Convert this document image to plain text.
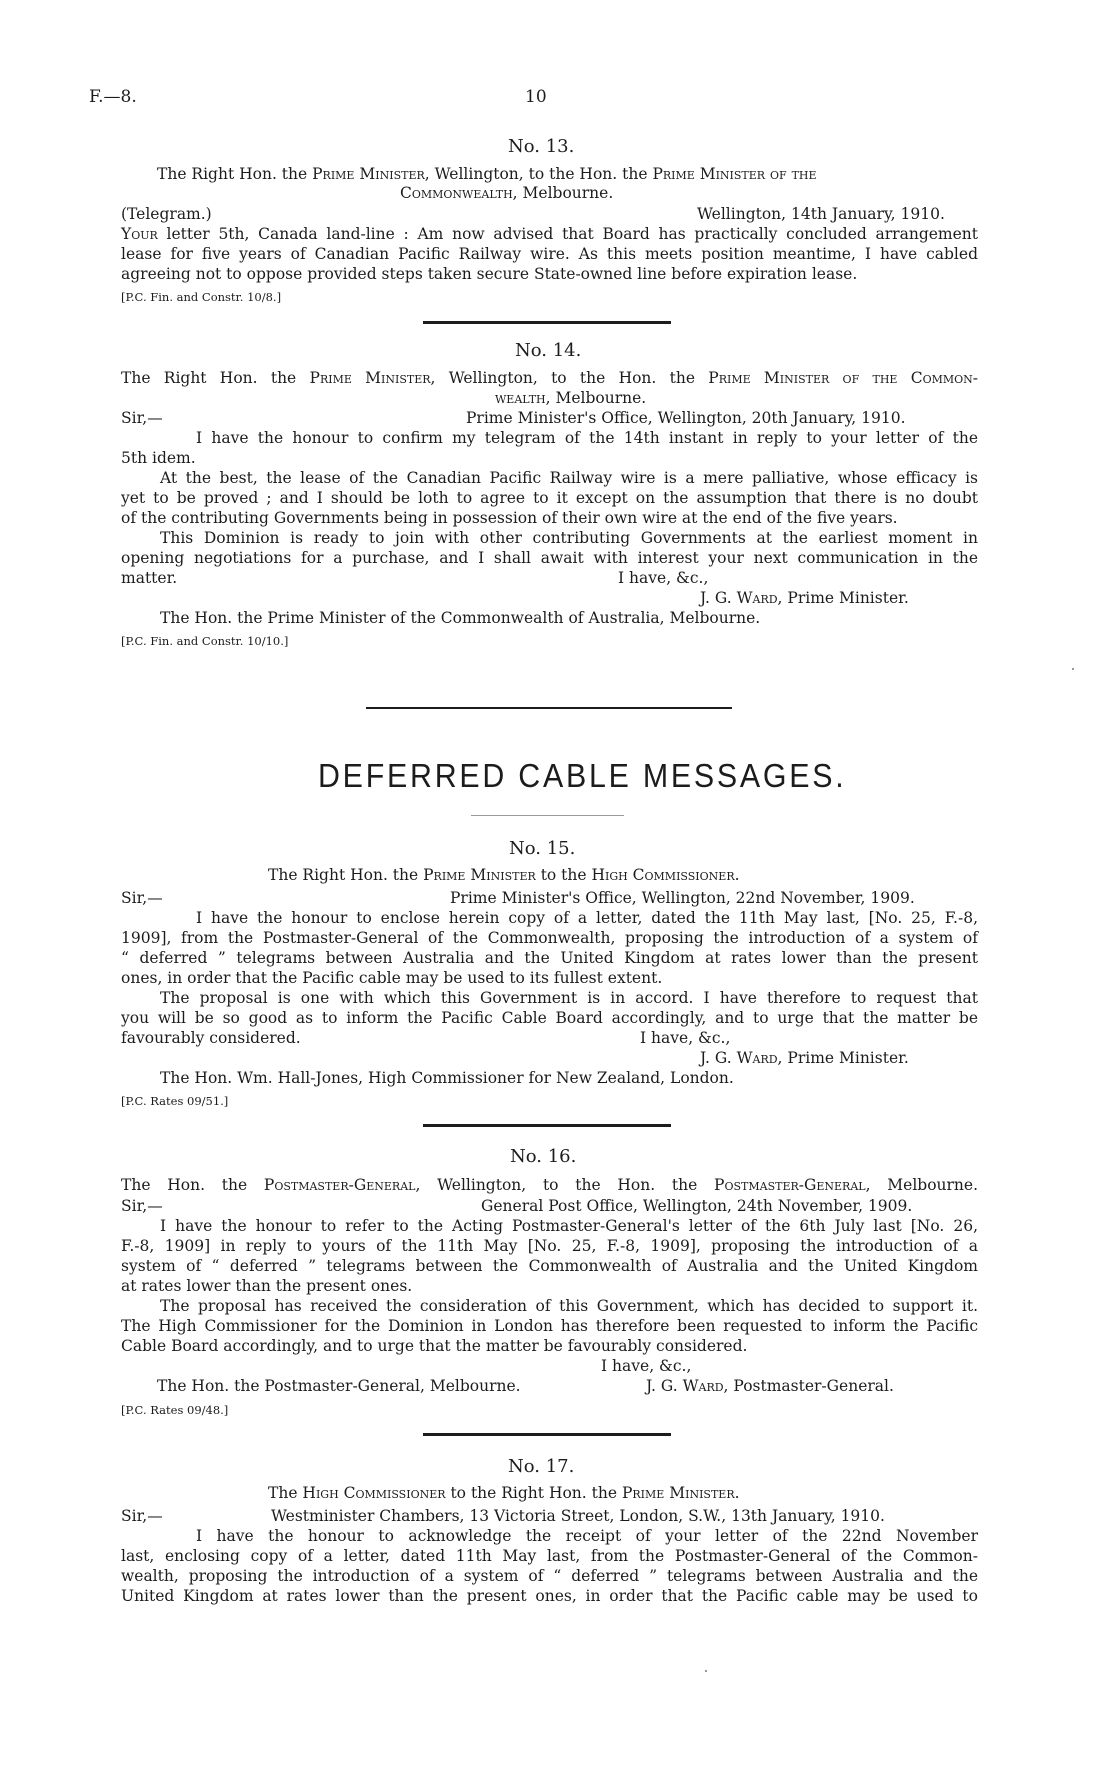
F.—8.	10
No. 13.
The Right Hon. the Prime Minister, Wellington, to the Hon. the Prime Minister of the
Commonwealth, Melbourne.
(Telegram.)	Wellington, 14th January, 1910.
Your letter 5th, Canada land-line : Am now advised that Board has practically concluded arrangement
lease for five years of Canadian Pacific Railway wire. As this meets position meantime, I have cabled
agreeing not to oppose provided steps taken secure State-owned line before expiration lease.
[P.C. Fin. and Constr. 10/8.]
No. 14.
The Right Hon. the Prime Minister, Wellington, to the Hon. the Prime Minister of the Common-
wealth, Melbourne.
Sir,—	Prime Minister's Office, Wellington, 20th January, 1910.
I have the honour to confirm my telegram of the 14th instant in reply to your letter of the
5th idem.
At the best, the lease of the Canadian Pacific Railway wire is a mere palliative, whose efficacy is
yet to be proved ; and I should be loth to agree to it except on the assumption that there is no doubt
of the contributing Governments being in possession of their own wire at the end of the five years.
This Dominion is ready to join with other contributing Governments at the earliest moment in
opening negotiations for a purchase, and I shall await with interest your next communication in the
matter.	I have, &c.,
J. G. Ward, Prime Minister.
The Hon. the Prime Minister of the Commonwealth of Australia, Melbourne.
[P.C. Fin. and Constr. 10/10.]
DEFERRED CABLE MESSAGES.
No. 15.
The Right Hon. the Prime Minister to the High Commissioner.
Sir,—	Prime Minister's Office, Wellington, 22nd November, 1909.
I have the honour to enclose herein copy of a letter, dated the 11th May last, [No. 25, F.-8,
1909], from the Postmaster-General of the Commonwealth, proposing the introduction of a system of
“ deferred ” telegrams between Australia and the United Kingdom at rates lower than the present
ones, in order that the Pacific cable may be used to its fullest extent.
The proposal is one with which this Government is in accord. I have therefore to request that
you will be so good as to inform the Pacific Cable Board accordingly, and to urge that the matter be
favourably considered.	I have, &c.,
J. G. Ward, Prime Minister.
The Hon. Wm. Hall-Jones, High Commissioner for New Zealand, London.
[P.C. Rates 09/51.]
No. 16.
The Hon. the Postmaster-General, Wellington, to the Hon. the Postmaster-General, Melbourne.
Sir,—	General Post Office, Wellington, 24th November, 1909.
I have the honour to refer to the Acting Postmaster-General's letter of the 6th July last [No. 26,
F.-8, 1909] in reply to yours of the 11th May [No. 25, F.-8, 1909], proposing the introduction of a
system of “ deferred ” telegrams between the Commonwealth of Australia and the United Kingdom
at rates lower than the present ones.
The proposal has received the consideration of this Government, which has decided to support it.
The High Commissioner for the Dominion in London has therefore been requested to inform the Pacific
Cable Board accordingly, and to urge that the matter be favourably considered.
I have, &c.,
The Hon. the Postmaster-General, Melbourne.	J. G. Ward, Postmaster-General.
[P.C. Rates 09/48.]
No. 17.
The High Commissioner to the Right Hon. the Prime Minister.
Sir,—	Westminister Chambers, 13 Victoria Street, London, S.W., 13th January, 1910.
I have the honour to acknowledge the receipt of your letter of the 22nd November
last, enclosing copy of a letter, dated 11th May last, from the Postmaster-General of the Common-
wealth, proposing the introduction of a system of “ deferred ” telegrams between Australia and the
United Kingdom at rates lower than the present ones, in order that the Pacific cable may be used to
